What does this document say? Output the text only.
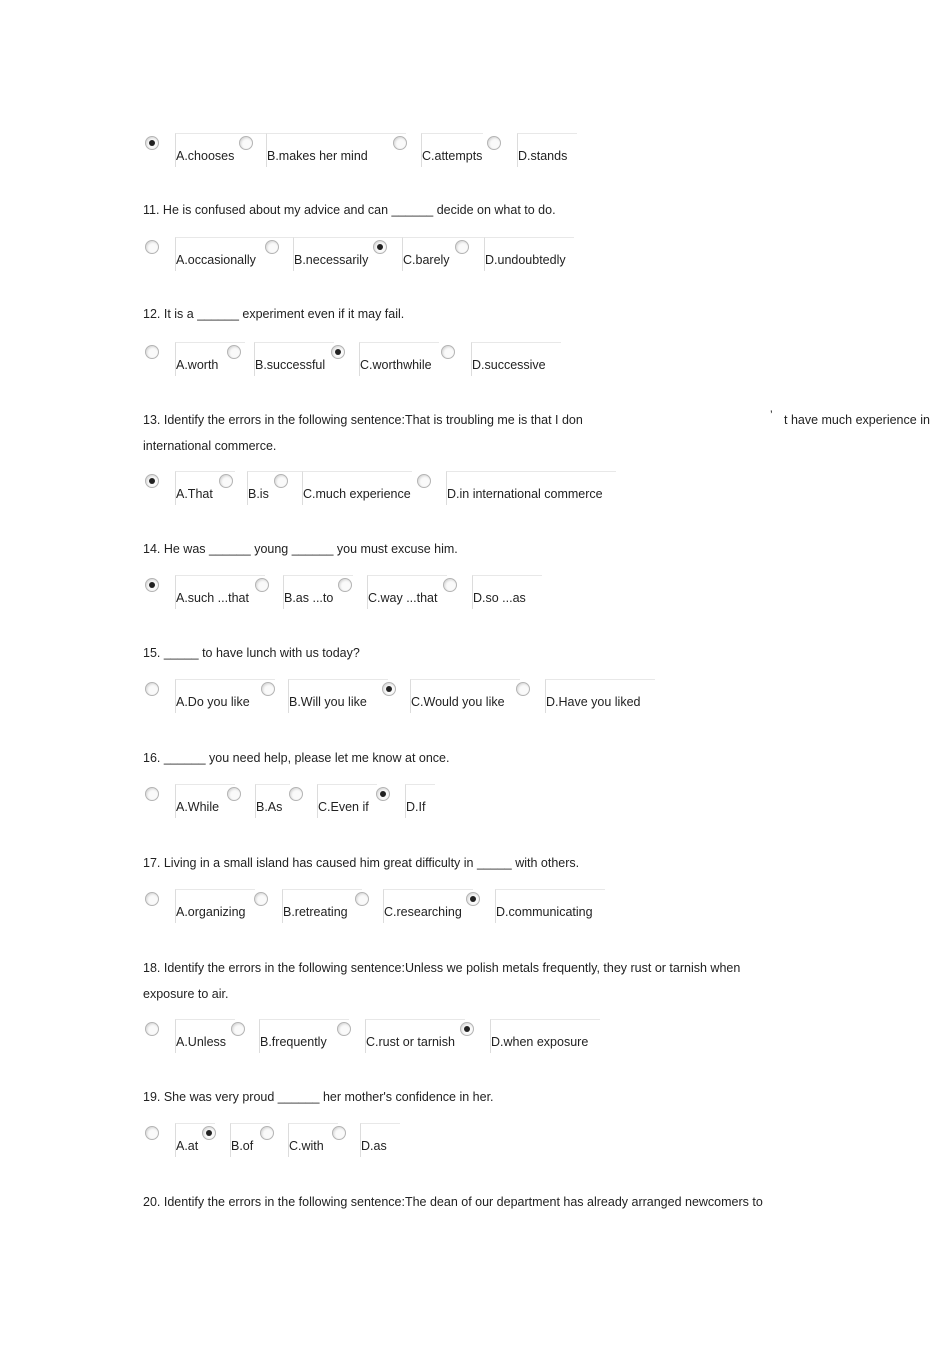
A.chooses	B.makes her mind	C.attempts	D.stands
11. He is confused about my advice and can ______ decide on what to do.
A.occasionally	B.necessarily	C.barely	D.undoubtedly
12. It is a ______ experiment even if it may fail.
A.worth	B.successful	C.worthwhile	D.successive
13. Identify the errors in the following sentence:That is troubling me is that I don	’ t have much experience in
international commerce.
A.That	B.is	C.much experience	D.in international commerce
14. He was ______ young ______ you must excuse him.
A.such ...that	B.as ...to	C.way ...that	D.so ...as
15. _____ to have lunch with us today?
A.Do you like	B.Will you like	C.Would you like	D.Have you liked
16. ______ you need help, please let me know at once.
A.While	B.As	C.Even if	D.If
17. Living in a small island has caused him great difficulty in _____ with others.
A.organizing	B.retreating	C.researching	D.communicating
18. Identify the errors in the following sentence:Unless we polish metals frequently, they rust or tarnish when
exposure to air.
A.Unless	B.frequently	C.rust or tarnish	D.when exposure
19. She was very proud ______ her mother's confidence in her.
A.at	B.of	C.with	D.as
20. Identify the errors in the following sentence:The dean of our department has already arranged newcomers to
